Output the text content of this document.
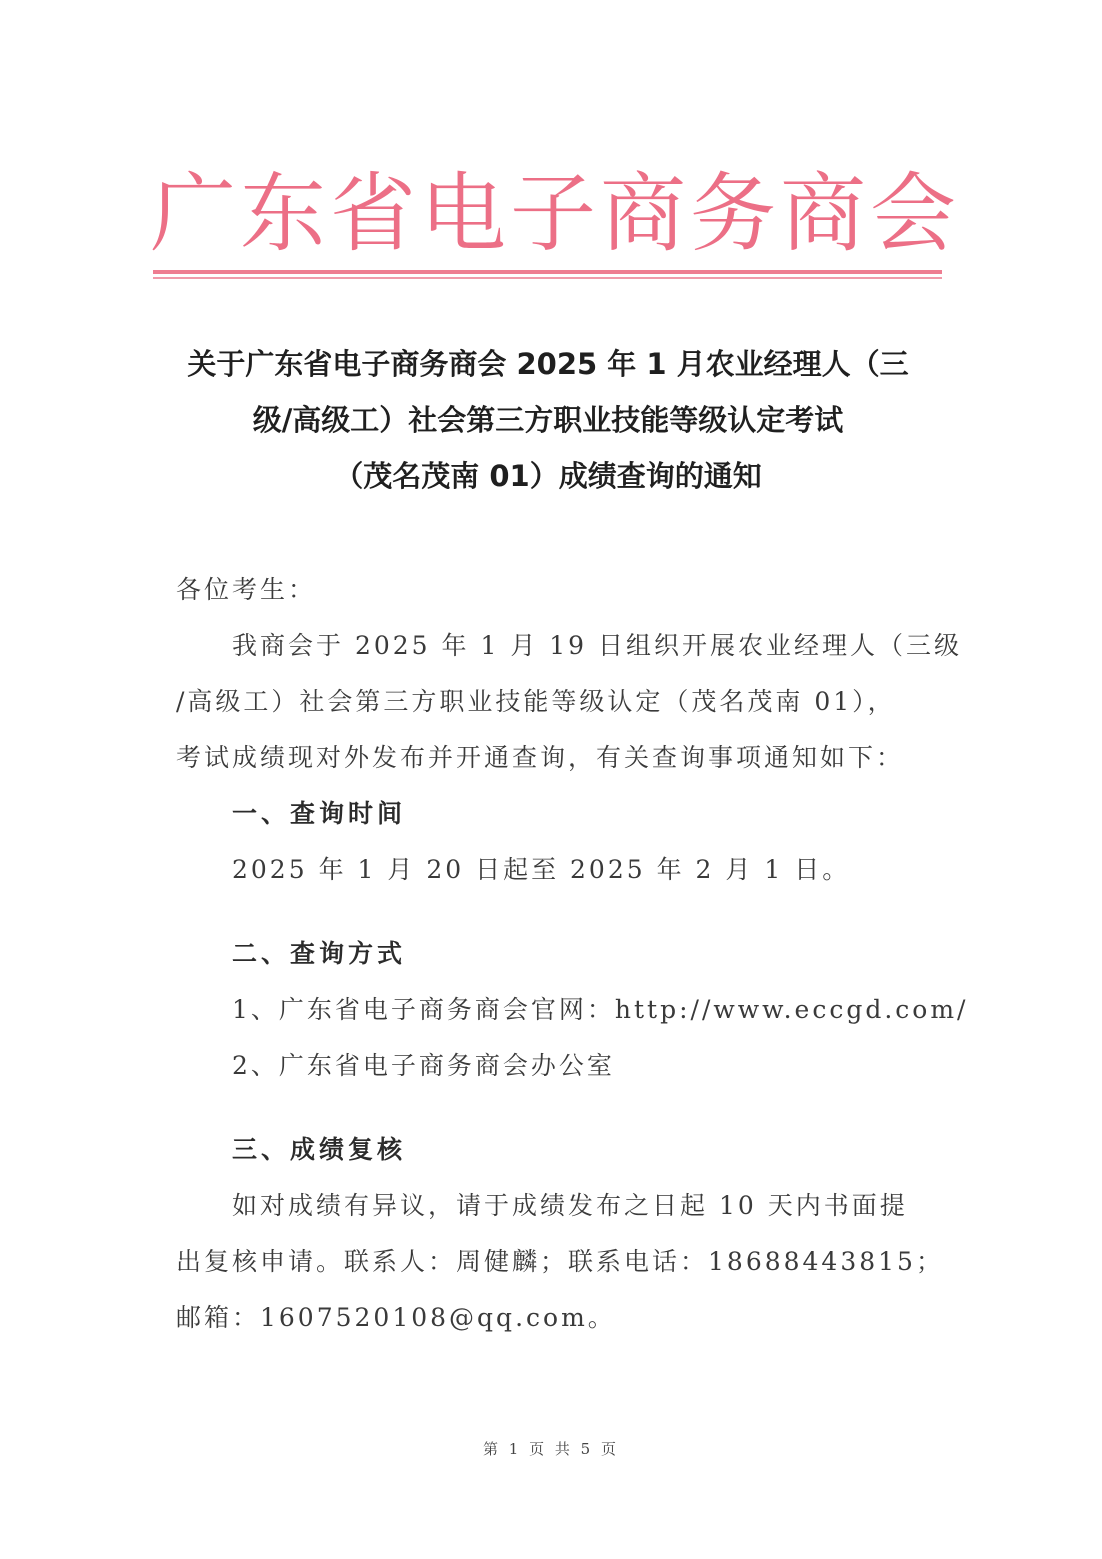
广东省电子商务商会
关于广东省电子商务商会 2025 年 1 月农业经理人（三
级/高级工）社会第三方职业技能等级认定考试
（茂名茂南 01）成绩查询的通知

各位考生：

我商会于 2025 年 1 月 19 日组织开展农业经理人（三级

/高级工）社会第三方职业技能等级认定（茂名茂南 01），

考试成绩现对外发布并开通查询，有关查询事项通知如下：

一、查询时间

2025 年 1 月 20 日起至 2025 年 2 月 1 日。

二、查询方式

1、广东省电子商务商会官网：http://www.eccgd.com/

2、广东省电子商务商会办公室

三、成绩复核

如对成绩有异议，请于成绩发布之日起 10 天内书面提

出复核申请。联系人：周健麟；联系电话：18688443815；

邮箱：1607520108@qq.com。

第 1 页 共 5 页
